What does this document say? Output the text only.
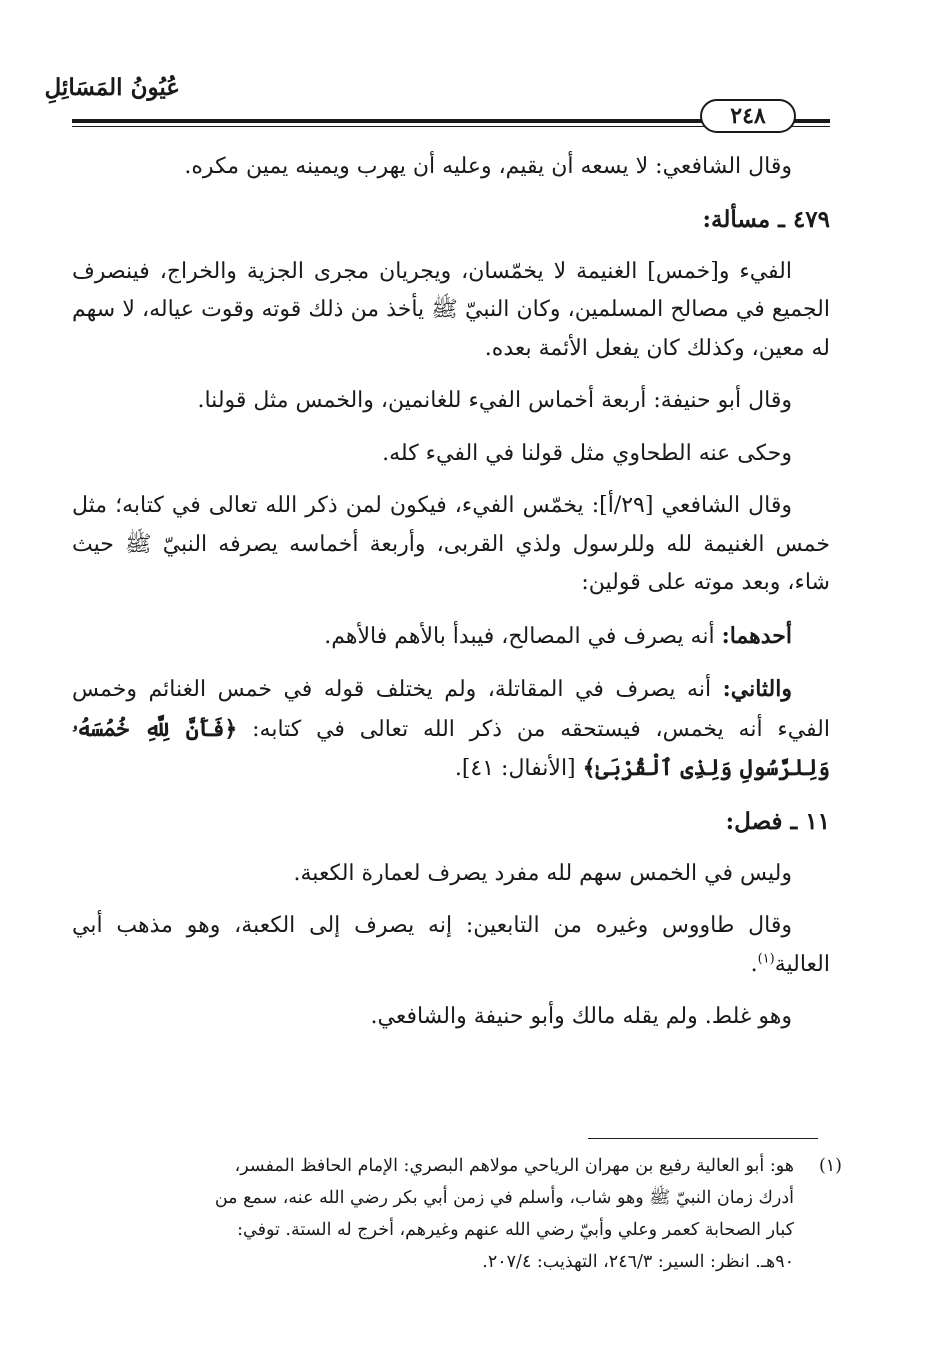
عُيُونُ المَسَائِلِ
٢٤٨

وقال الشافعي: لا يسعه أن يقيم، وعليه أن يهرب ويمينه يمين مكره.

٤٧٩ ـ مسألة:

الفيء و[خمس] الغنيمة لا يخمّسان، ويجريان مجرى الجزية والخراج، فينصرف الجميع في مصالح المسلمين، وكان النبيّ ﷺ يأخذ من ذلك قوته وقوت عياله، لا سهم له معين، وكذلك كان يفعل الأئمة بعده.

وقال أبو حنيفة: أربعة أخماس الفيء للغانمين، والخمس مثل قولنا.

وحكى عنه الطحاوي مثل قولنا في الفيء كله.

وقال الشافعي [٢٩/أ]: يخمّس الفيء، فيكون لمن ذكر الله تعالى في كتابه؛ مثل خمس الغنيمة لله وللرسول ولذي القربى، وأربعة أخماسه يصرفه النبيّ ﷺ حيث شاء، وبعد موته على قولين:

أحدهما: أنه يصرف في المصالح، فيبدأ بالأهم فالأهم.

والثاني: أنه يصرف في المقاتلة، ولم يختلف قوله في خمس الغنائم وخمس الفيء أنه يخمس، فيستحقه من ذكر الله تعالى في كتابه: ﴿فَأَنَّ لِلَّهِ خُمُسَهُۥ وَلِلرَّسُولِ وَلِذِى ٱلْقُرْبَىٰ﴾ [الأنفال: ٤١].

١١ ـ فصل:

وليس في الخمس سهم لله مفرد يصرف لعمارة الكعبة.

وقال طاووس وغيره من التابعين: إنه يصرف إلى الكعبة، وهو مذهب أبي العالية$^{(١)}$.

وهو غلط. ولم يقله مالك وأبو حنيفة والشافعي.

(١)هو: أبو العالية رفيع بن مهران الرياحي مولاهم البصري: الإمام الحافظ المفسر،
أدرك زمان النبيّ ﷺ وهو شاب، وأسلم في زمن أبي بكر رضي الله عنه، سمع من
كبار الصحابة كعمر وعلي وأبيّ رضي الله عنهم وغيرهم، أخرج له الستة. توفي:
٩٠هـ. انظر: السير: ٢٤٦/٣، التهذيب: ٢٠٧/٤.
